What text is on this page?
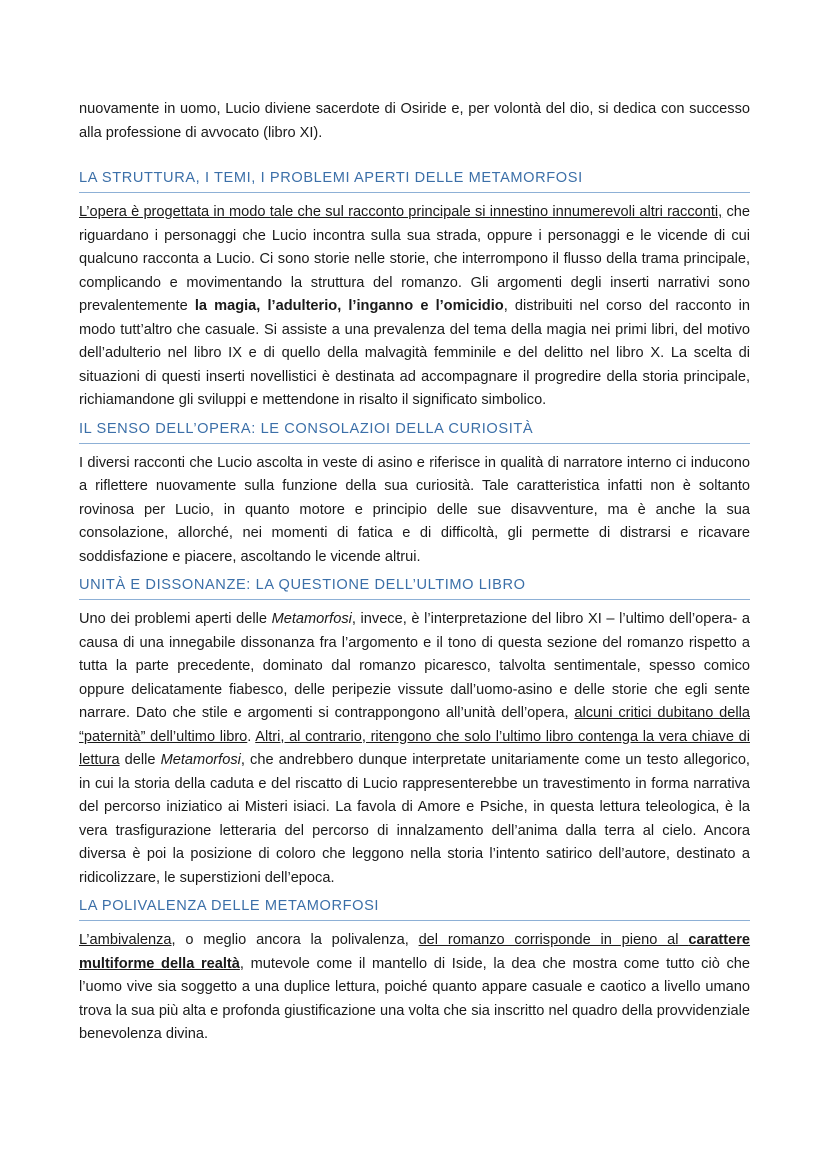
nuovamente in uomo, Lucio diviene sacerdote di Osiride e, per volontà del dio, si dedica con successo alla professione di avvocato (libro XI).

LA STRUTTURA, I TEMI, I PROBLEMI APERTI DELLE METAMORFOSI

L’opera è progettata in modo tale che sul racconto principale si innestino innumerevoli altri racconti, che riguardano i personaggi che Lucio incontra sulla sua strada, oppure i personaggi e le vicende di cui qualcuno racconta a Lucio. Ci sono storie nelle storie, che interrompono il flusso della trama principale, complicando e movimentando la struttura del romanzo. Gli argomenti degli inserti narrativi sono prevalentemente la magia, l’adulterio, l’inganno e l’omicidio, distribuiti nel corso del racconto in modo tutt’altro che casuale. Si assiste a una prevalenza del tema della magia nei primi libri, del motivo dell’adulterio nel libro IX e di quello della malvagità femminile e del delitto nel libro X. La scelta di situazioni di questi inserti novellistici è destinata ad accompagnare il progredire della storia principale, richiamandone gli sviluppi e mettendone in risalto il significato simbolico.

IL SENSO DELL’OPERA: LE CONSOLAZIOI DELLA CURIOSITÀ

I diversi racconti che Lucio ascolta in veste di asino e riferisce in qualità di narratore interno ci inducono a riflettere nuovamente sulla funzione della sua curiosità. Tale caratteristica infatti non è soltanto rovinosa per Lucio, in quanto motore e principio delle sue disavventure, ma è anche la sua consolazione, allorché, nei momenti di fatica e di difficoltà, gli permette di distrarsi e ricavare soddisfazione e piacere, ascoltando le vicende altrui.

UNITÀ E DISSONANZE: LA QUESTIONE DELL’ULTIMO LIBRO

Uno dei problemi aperti delle Metamorfosi, invece, è l’interpretazione del libro XI – l’ultimo dell’opera- a causa di una innegabile dissonanza fra l’argomento e il tono di questa sezione del romanzo rispetto a tutta la parte precedente, dominato dal romanzo picaresco, talvolta sentimentale, spesso comico oppure delicatamente fiabesco, delle peripezie vissute dall’uomo-asino e delle storie che egli sente narrare. Dato che stile e argomenti si contrappongono all’unità dell’opera, alcuni critici dubitano della “paternità” dell’ultimo libro. Altri, al contrario, ritengono che solo l’ultimo libro contenga la vera chiave di lettura delle Metamorfosi, che andrebbero dunque interpretate unitariamente come un testo allegorico, in cui la storia della caduta e del riscatto di Lucio rappresenterebbe un travestimento in forma narrativa del percorso iniziatico ai Misteri isiaci. La favola di Amore e Psiche, in questa lettura teleologica, è la vera trasfigurazione letteraria del percorso di innalzamento dell’anima dalla terra al cielo. Ancora diversa è poi la posizione di coloro che leggono nella storia l’intento satirico dell’autore, destinato a ridicolizzare, le superstizioni dell’epoca.

LA POLIVALENZA DELLE METAMORFOSI

L’ambivalenza, o meglio ancora la polivalenza, del romanzo corrisponde in pieno al carattere multiforme della realtà, mutevole come il mantello di Iside, la dea che mostra come tutto ciò che l’uomo vive sia soggetto a una duplice lettura, poiché quanto appare casuale e caotico a livello umano trova la sua più alta e profonda giustificazione una volta che sia inscritto nel quadro della provvidenziale benevolenza divina.
